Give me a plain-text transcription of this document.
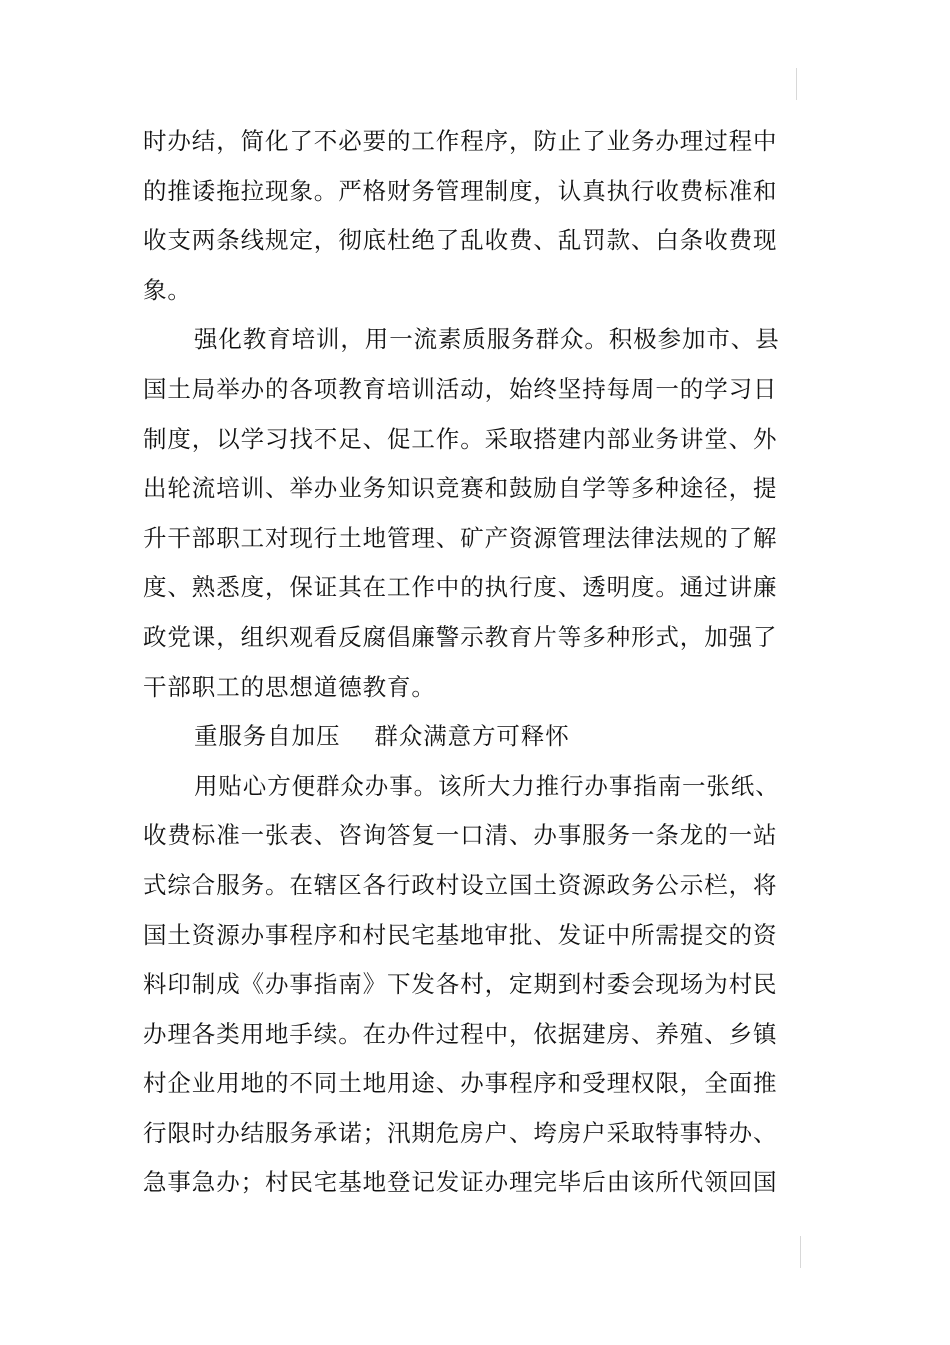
时办结，简化了不必要的工作程序，防止了业务办理过程中
的推诿拖拉现象。严格财务管理制度，认真执行收费标准和
收支两条线规定，彻底杜绝了乱收费、乱罚款、白条收费现
象。
强化教育培训，用一流素质服务群众。积极参加市、县
国土局举办的各项教育培训活动，始终坚持每周一的学习日
制度，以学习找不足、促工作。采取搭建内部业务讲堂、外
出轮流培训、举办业务知识竞赛和鼓励自学等多种途径，提
升干部职工对现行土地管理、矿产资源管理法律法规的了解
度、熟悉度，保证其在工作中的执行度、透明度。通过讲廉
政党课，组织观看反腐倡廉警示教育片等多种形式，加强了
干部职工的思想道德教育。
重服务自加压 群众满意方可释怀
用贴心方便群众办事。该所大力推行办事指南一张纸、
收费标准一张表、咨询答复一口清、办事服务一条龙的一站
式综合服务。在辖区各行政村设立国土资源政务公示栏，将
国土资源办事程序和村民宅基地审批、发证中所需提交的资
料印制成《办事指南》下发各村，定期到村委会现场为村民
办理各类用地手续。在办件过程中，依据建房、养殖、乡镇
村企业用地的不同土地用途、办事程序和受理权限，全面推
行限时办结服务承诺；汛期危房户、垮房户采取特事特办、
急事急办；村民宅基地登记发证办理完毕后由该所代领回国
